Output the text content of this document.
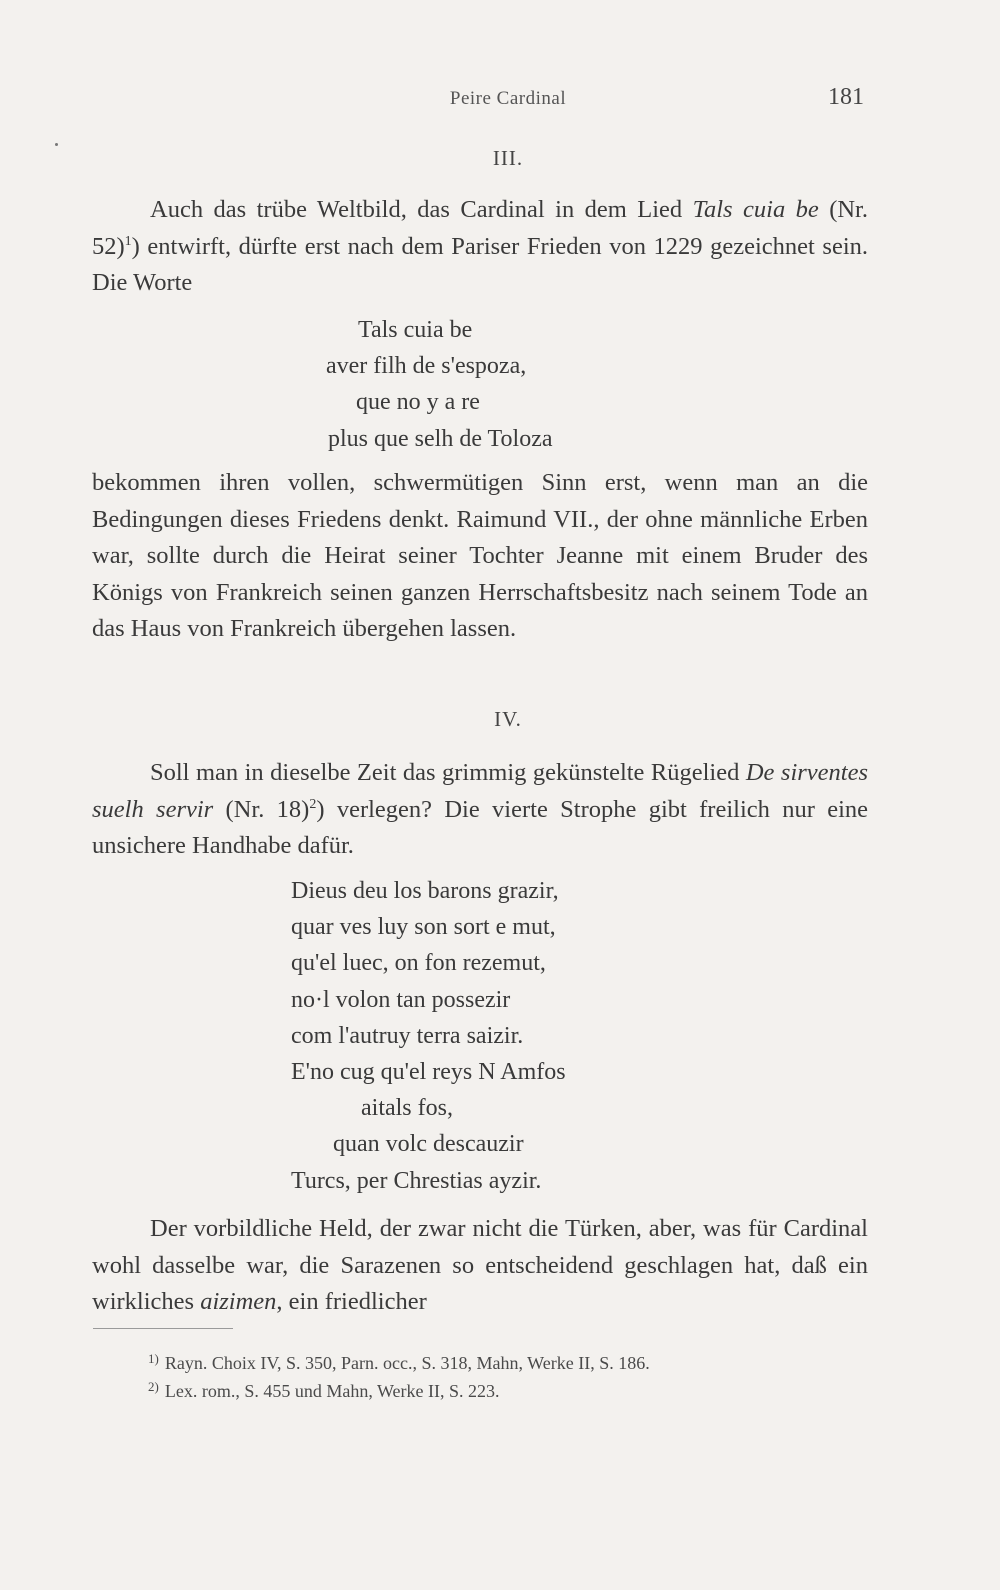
Peire Cardinal	181
III.
Auch das trübe Weltbild, das Cardinal in dem Lied Tals cuia be (Nr. 52)$^1$) entwirft, dürfte erst nach dem Pariser Frieden von 1229 gezeichnet sein. Die Worte
Tals cuia be
aver filh de s'espoza,
que no y a re
plus que selh de Toloza
bekommen ihren vollen, schwermütigen Sinn erst, wenn man an die Bedingungen dieses Friedens denkt. Raimund VII., der ohne männliche Erben war, sollte durch die Heirat seiner Tochter Jeanne mit einem Bruder des Königs von Frankreich seinen ganzen Herrschaftsbesitz nach seinem Tode an das Haus von Frankreich übergehen lassen.
IV.
Soll man in dieselbe Zeit das grimmig gekünstelte Rügelied De sirventes suelh servir (Nr. 18)$^2$) verlegen? Die vierte Strophe gibt freilich nur eine unsichere Handhabe dafür.
Dieus deu los barons grazir,
quar ves luy son sort e mut,
qu'el luec, on fon rezemut,
no·l volon tan possezir
com l'autruy terra saizir.
E'no cug qu'el reys N Amfos
aitals fos,
quan volc descauzir
Turcs, per Chrestias ayzir.
Der vorbildliche Held, der zwar nicht die Türken, aber, was für Cardinal wohl dasselbe war, die Sarazenen so entscheidend geschlagen hat, daß ein wirkliches aizimen, ein friedlicher
$^{1)}$ Rayn. Choix IV, S. 350, Parn. occ., S. 318, Mahn, Werke II, S. 186.
$^{2)}$ Lex. rom., S. 455 und Mahn, Werke II, S. 223.
